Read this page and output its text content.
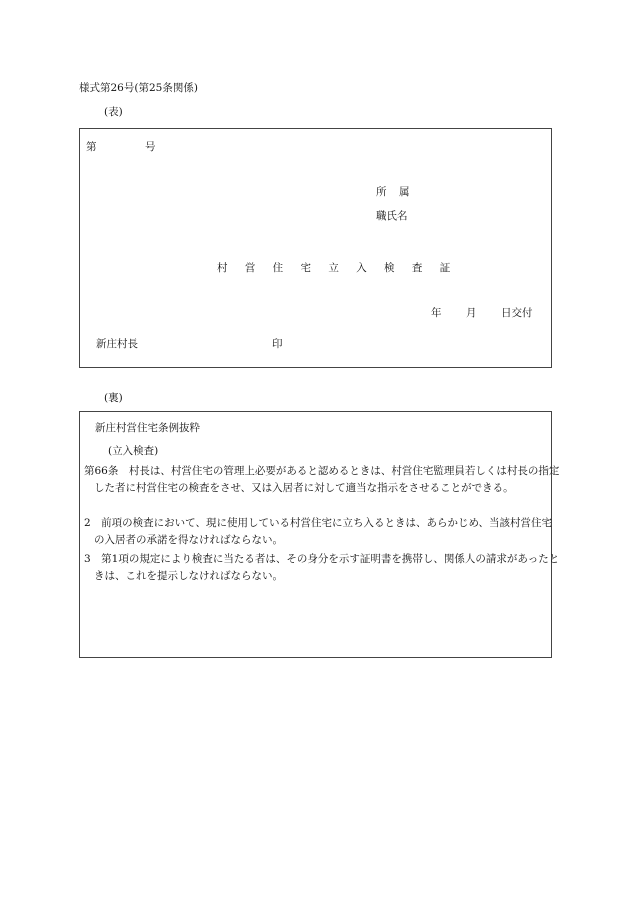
様式第26号(第25条関係)
(表)
第	号
所　属
職氏名
村 営 住 宅 立 入 検 査 証
年 月 日交付
新庄村長	印
(裏)
新庄村営住宅条例抜粋
(立入検査)
第66条　村長は、村営住宅の管理上必要があると認めるときは、村営住宅監理員若しくは村長の指定した者に村営住宅の検査をさせ、又は入居者に対して適当な指示をさせることができる。
2　前項の検査において、現に使用している村営住宅に立ち入るときは、あらかじめ、当該村営住宅の入居者の承諾を得なければならない。
3　第1項の規定により検査に当たる者は、その身分を示す証明書を携帯し、関係人の請求があったときは、これを提示しなければならない。
